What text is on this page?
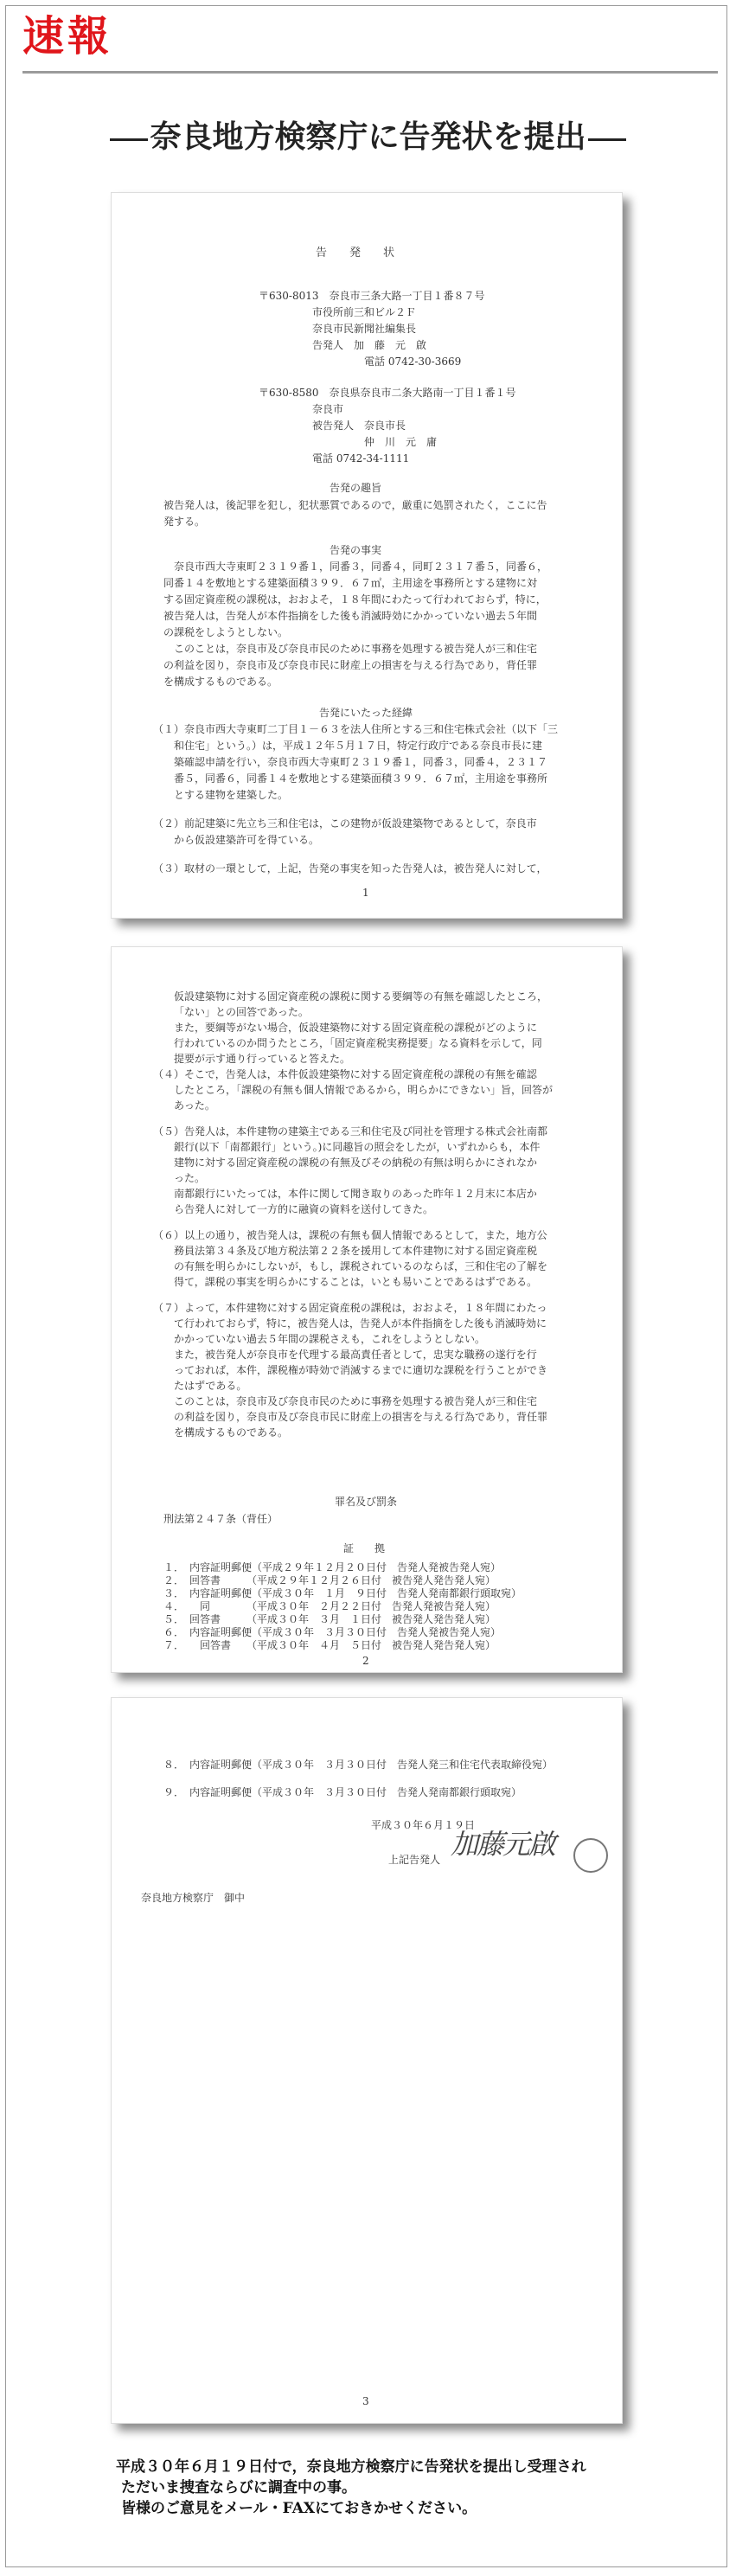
速報
奈良地方検察庁に告発状を提出
告　　発　　状
〒630-8013　奈良市三条大路一丁目１番８７号
市役所前三和ビル２Ｆ
奈良市民新聞社編集長
告発人　加　藤　元　啟
電話 0742-30-3669
〒630-8580　奈良県奈良市二条大路南一丁目１番１号
奈良市
被告発人　奈良市長
仲　川　元　庸
電話 0742-34-1111
告発の趣旨
被告発人は，後記罪を犯し，犯状悪質であるので，厳重に処罰されたく，ここに告
発する。
告発の事実
奈良市西大寺東町２３１９番１，同番３，同番４，同町２３１７番５，同番６，
同番１４を敷地とする建築面積３９９．６７㎡，主用途を事務所とする建物に対
する固定資産税の課税は，おおよそ，１８年間にわたって行われておらず，特に，
被告発人は，告発人が本件指摘をした後も消滅時効にかかっていない過去５年間
の課税をしようとしない。
このことは，奈良市及び奈良市民のために事務を処理する被告発人が三和住宅
の利益を図り，奈良市及び奈良市民に財産上の損害を与える行為であり，背任罪
を構成するものである。
告発にいたった経緯
（１）奈良市西大寺東町二丁目１－６３を法人住所とする三和住宅株式会社（以下「三
和住宅」という。）は，平成１２年５月１７日，特定行政庁である奈良市長に建
築確認申請を行い，奈良市西大寺東町２３１９番１，同番３，同番４，２３１７
番５，同番６，同番１４を敷地とする建築面積３９９．６７㎡，主用途を事務所
とする建物を建築した。
（２）前記建築に先立ち三和住宅は，この建物が仮設建築物であるとして，奈良市
から仮設建築許可を得ている。
（３）取材の一環として，上記，告発の事実を知った告発人は，被告発人に対して，
1
仮設建築物に対する固定資産税の課税に関する要綱等の有無を確認したところ，
「ない」との回答であった。
また，要綱等がない場合，仮設建築物に対する固定資産税の課税がどのように
行われているのか問うたところ，「固定資産税実務提要」なる資料を示して，同
提要が示す通り行っていると答えた。
（４）そこで，告発人は，本件仮設建築物に対する固定資産税の課税の有無を確認
したところ，「課税の有無も個人情報であるから，明らかにできない」旨，回答が
あった。
（５）告発人は，本件建物の建築主である三和住宅及び同社を管理する株式会社南都
銀行(以下「南都銀行」という。)に同趣旨の照会をしたが，いずれからも，本件
建物に対する固定資産税の課税の有無及びその納税の有無は明らかにされなか
った。
南都銀行にいたっては，本件に関して聞き取りのあった昨年１２月末に本店か
ら告発人に対して一方的に融資の資料を送付してきた。
（６）以上の通り，被告発人は，課税の有無も個人情報であるとして，また，地方公
務員法第３４条及び地方税法第２２条を援用して本件建物に対する固定資産税
の有無を明らかにしないが，もし，課税されているのならば，三和住宅の了解を
得て，課税の事実を明らかにすることは，いとも易いことであるはずである。
（７）よって，本件建物に対する固定資産税の課税は，おおよそ，１８年間にわたっ
て行われておらず，特に，被告発人は，告発人が本件指摘をした後も消滅時効に
かかっていない過去５年間の課税さえも，これをしようとしない。
また，被告発人が奈良市を代理する最高責任者として，忠実な職務の遂行を行
っておれば，本件，課税権が時効で消滅するまでに適切な課税を行うことができ
たはずである。
このことは，奈良市及び奈良市民のために事務を処理する被告発人が三和住宅
の利益を図り，奈良市及び奈良市民に財産上の損害を与える行為であり，背任罪
を構成するものである。
罪名及び罰条
刑法第２４７条（背任）
証　　拠
１．　内容証明郵便（平成２９年１２月２０日付　告発人発被告発人宛）
２．　回答書　　　（平成２９年１２月２６日付　被告発人発告発人宛）
３．　内容証明郵便（平成３０年　１月　９日付　告発人発南都銀行頭取宛）
４．　　同　　　　（平成３０年　２月２２日付　告発人発被告発人宛）
５．　回答書　　　（平成３０年　３月　１日付　被告発人発告発人宛）
６．　内容証明郵便（平成３０年　３月３０日付　告発人発被告発人宛）
７．　　回答書　　（平成３０年　４月　５日付　被告発人発告発人宛）
2
８．　内容証明郵便（平成３０年　３月３０日付　告発人発三和住宅代表取締役宛）
９．　内容証明郵便（平成３０年　３月３０日付　告発人発南都銀行頭取宛）
平成３０年６月１９日
上記告発人 加藤元啟
奈良地方検察庁　御中
3
平成３０年６月１９日付で，奈良地方検察庁に告発状を提出し受理され
ただいま捜査ならびに調査中の事。
皆様のご意見をメール・FAXにておきかせください。
